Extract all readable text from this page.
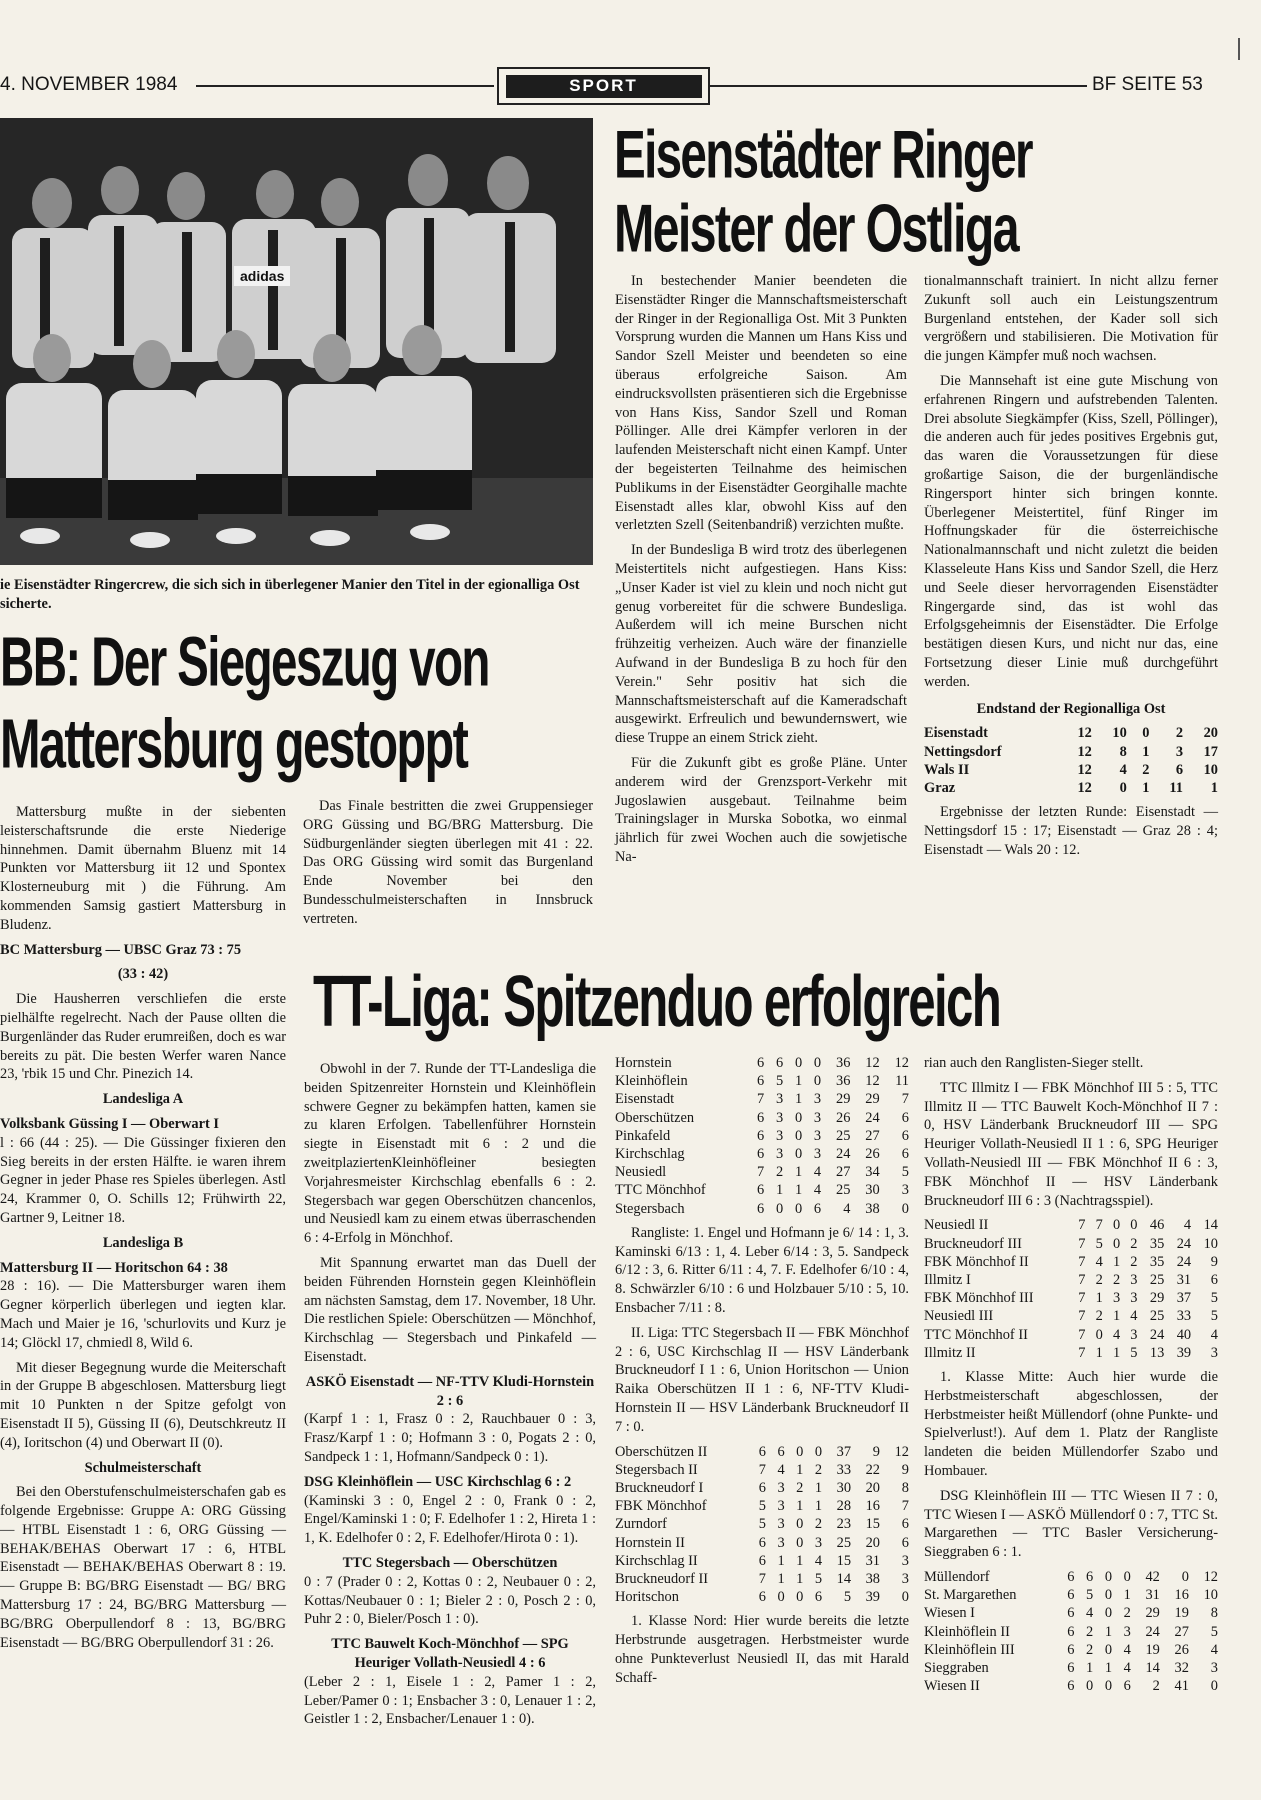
4. NOVEMBER 1984	SPORT	BF SEITE 53
adidas
ie Eisenstädter Ringercrew, die sich sich in überlegener Manier den Titel in der egionalliga Ost sicherte.
Eisenstädter Ringer
Meister der Ostliga

In bestechender Manier beendeten die Eisenstädter Ringer die Mannschaftsmeisterschaft der Ringer in der Regionalliga Ost. Mit 3 Punkten Vorsprung wurden die Mannen um Hans Kiss und Sandor Szell Meister und beendeten so eine überaus erfolgreiche Saison. Am eindrucksvollsten präsentieren sich die Ergebnisse von Hans Kiss, Sandor Szell und Roman Pöllinger. Alle drei Kämpfer verloren in der laufenden Meisterschaft nicht einen Kampf. Unter der begeisterten Teilnahme des heimischen Publikums in der Eisenstädter Georgihalle machte Eisenstadt alles klar, obwohl Kiss auf den verletzten Szell (Seitenbandriß) verzichten mußte.

In der Bundesliga B wird trotz des überlegenen Meistertitels nicht aufgestiegen. Hans Kiss: „Unser Kader ist viel zu klein und noch nicht gut genug vorbereitet für die schwere Bundesliga. Außerdem will ich meine Burschen nicht frühzeitig verheizen. Auch wäre der finanzielle Aufwand in der Bundesliga B zu hoch für den Verein." Sehr positiv hat sich die Mannschaftsmeisterschaft auf die Kameradschaft ausgewirkt. Erfreulich und bewundernswert, wie diese Truppe an einem Strick zieht.

Für die Zukunft gibt es große Pläne. Unter anderem wird der Grenzsport-Verkehr mit Jugoslawien ausgebaut. Teilnahme beim Trainingslager in Murska Sobotka, wo einmal jährlich für zwei Wochen auch die sowjetische Na-

tionalmannschaft trainiert. In nicht allzu ferner Zukunft soll auch ein Leistungszentrum Burgenland entstehen, der Kader soll sich vergrößern und stabilisieren. Die Motivation für die jungen Kämpfer muß noch wachsen.

Die Mannsehaft ist eine gute Mischung von erfahrenen Ringern und aufstrebenden Talenten. Drei absolute Siegkämpfer (Kiss, Szell, Pöllinger), die anderen auch für jedes positives Ergebnis gut, das waren die Voraussetzungen für diese großartige Saison, die der burgenländische Ringersport hinter sich bringen konnte. Überlegener Meistertitel, fünf Ringer im Hoffnungskader für die österreichische Nationalmannschaft und nicht zuletzt die beiden Klasseleute Hans Kiss und Sandor Szell, die Herz und Seele dieser hervorragenden Eisenstädter Ringergarde sind, das ist wohl das Erfolgsgeheimnis der Eisenstädter. Die Erfolge bestätigen diesen Kurs, und nicht nur das, eine Fortsetzung dieser Linie muß durchgeführt werden.

Endstand der Regionalliga Ost
Eisenstadt	12	10	0	2	20
Nettingsdorf	12	8	1	3	17
Wals II	12	4	2	6	10
Graz	12	0	1	11	1

Ergebnisse der letzten Runde: Eisenstadt — Nettingsdorf 15 : 17; Eisenstadt — Graz 28 : 4; Eisenstadt — Wals 20 : 12.

BB: Der Siegeszug von
Mattersburg gestoppt

Mattersburg mußte in der siebenten leisterschaftsrunde die erste Niederige hinnehmen. Damit übernahm Bluenz mit 14 Punkten vor Mattersburg iit 12 und Spontex Klosterneuburg mit ) die Führung. Am kommenden Samsig gastiert Mattersburg in Bludenz.

BC Mattersburg — UBSC Graz 73 : 75

(33 : 42)

Die Hausherren verschliefen die erste pielhälfte regelrecht. Nach der Pause ollten die Burgenländer das Ruder erumreißen, doch es war bereits zu pät. Die besten Werfer waren Nance 23, 'rbik 15 und Chr. Pinezich 14.

Landesliga A

Volksbank Güssing I — Oberwart I

l : 66 (44 : 25). — Die Güssinger fixieren den Sieg bereits in der ersten Hälfte. ie waren ihrem Gegner in jeder Phase res Spieles überlegen. Astl 24, Krammer 0, O. Schills 12; Frühwirth 22, Gartner 9, Leitner 18.

Landesliga B

Mattersburg II — Horitschon 64 : 38

28 : 16). — Die Mattersburger waren ihem Gegner körperlich überlegen und iegten klar. Mach und Maier je 16, 'schurlovits und Kurz je 14; Glöckl 17, chmiedl 8, Wild 6.

Mit dieser Begegnung wurde die Meiterschaft in der Gruppe B abgeschlosen. Mattersburg liegt mit 10 Punkten n der Spitze gefolgt von Eisenstadt II 5), Güssing II (6), Deutschkreutz II (4), Ioritschon (4) und Oberwart II (0).

Schulmeisterschaft

Bei den Oberstufenschulmeisterschafen gab es folgende Ergebnisse: Gruppe A: ORG Güssing — HTBL Eisenstadt 1 : 6, ORG Güssing — BEHAK/BEHAS Oberwart 17 : 6, HTBL Eisenstadt — BEHAK/BEHAS Oberwart 8 : 19. — Gruppe B: BG/BRG Eisenstadt — BG/ BRG Mattersburg 17 : 24, BG/BRG Mattersburg — BG/BRG Oberpullendorf 8 : 13, BG/BRG Eisenstadt — BG/BRG Oberpullendorf 31 : 26.

Das Finale bestritten die zwei Gruppensieger ORG Güssing und BG/BRG Mattersburg. Die Südburgenländer siegten überlegen mit 41 : 22. Das ORG Güssing wird somit das Burgenland Ende November bei den Bundesschulmeisterschaften in Innsbruck vertreten.

TT-Liga: Spitzenduo erfolgreich

Obwohl in der 7. Runde der TT-Landesliga die beiden Spitzenreiter Hornstein und Kleinhöflein schwere Gegner zu bekämpfen hatten, kamen sie zu klaren Erfolgen. Tabellenführer Hornstein siegte in Eisenstadt mit 6 : 2 und die zweitplaziertenKleinhöfleiner besiegten Vorjahresmeister Kirchschlag ebenfalls 6 : 2. Stegersbach war gegen Oberschützen chancenlos, und Neusiedl kam zu einem etwas überraschenden 6 : 4-Erfolg in Mönchhof.

Mit Spannung erwartet man das Duell der beiden Führenden Hornstein gegen Kleinhöflein am nächsten Samstag, dem 17. November, 18 Uhr. Die restlichen Spiele: Oberschützen — Mönchhof, Kirchschlag — Stegersbach und Pinkafeld — Eisenstadt.

ASKÖ Eisenstadt — NF-TTV Kludi-Hornstein 2 : 6

(Karpf 1 : 1, Frasz 0 : 2, Rauchbauer 0 : 3, Frasz/Karpf 1 : 0; Hofmann 3 : 0, Pogats 2 : 0, Sandpeck 1 : 1, Hofmann/Sandpeck 0 : 1).

DSG Kleinhöflein — USC Kirchschlag 6 : 2

(Kaminski 3 : 0, Engel 2 : 0, Frank 0 : 2, Engel/Kaminski 1 : 0; F. Edelhofer 1 : 2, Hireta 1 : 1, K. Edelhofer 0 : 2, F. Edelhofer/Hirota 0 : 1).

TTC Stegersbach — Oberschützen

0 : 7 (Prader 0 : 2, Kottas 0 : 2, Neubauer 0 : 2, Kottas/Neubauer 0 : 1; Bieler 2 : 0, Posch 2 : 0, Puhr 2 : 0, Bieler/Posch 1 : 0).

TTC Bauwelt Koch-Mönchhof — SPG Heuriger Vollath-Neusiedl 4 : 6

(Leber 2 : 1, Eisele 1 : 2, Pamer 1 : 2, Leber/Pamer 0 : 1; Ensbacher 3 : 0, Lenauer 1 : 2, Geistler 1 : 2, Ensbacher/Lenauer 1 : 0).

Hornstein	6	6	0	0	36	12	12
Kleinhöflein	6	5	1	0	36	12	11
Eisenstadt	7	3	1	3	29	29	7
Oberschützen	6	3	0	3	26	24	6
Pinkafeld	6	3	0	3	25	27	6
Kirchschlag	6	3	0	3	24	26	6
Neusiedl	7	2	1	4	27	34	5
TTC Mönchhof	6	1	1	4	25	30	3
Stegersbach	6	0	0	6	4	38	0

Rangliste: 1. Engel und Hofmann je 6/ 14 : 1, 3. Kaminski 6/13 : 1, 4. Leber 6/14 : 3, 5. Sandpeck 6/12 : 3, 6. Ritter 6/11 : 4, 7. F. Edelhofer 6/10 : 4, 8. Schwärzler 6/10 : 6 und Holzbauer 5/10 : 5, 10. Ensbacher 7/11 : 8.

II. Liga: TTC Stegersbach II — FBK Mönchhof 2 : 6, USC Kirchschlag II — HSV Länderbank Bruckneudorf I 1 : 6, Union Horitschon — Union Raika Oberschützen II 1 : 6, NF-TTV Kludi-Hornstein II — HSV Länderbank Bruckneudorf II 7 : 0.

Oberschützen II	6	6	0	0	37	9	12
Stegersbach II	7	4	1	2	33	22	9
Bruckneudorf I	6	3	2	1	30	20	8
FBK Mönchhof	5	3	1	1	28	16	7
Zurndorf	5	3	0	2	23	15	6
Hornstein II	6	3	0	3	25	20	6
Kirchschlag II	6	1	1	4	15	31	3
Bruckneudorf II	7	1	1	5	14	38	3
Horitschon	6	0	0	6	5	39	0

1. Klasse Nord: Hier wurde bereits die letzte Herbstrunde ausgetragen. Herbstmeister wurde ohne Punkteverlust Neusiedl II, das mit Harald Schaff-

rian auch den Ranglisten-Sieger stellt.

TTC Illmitz I — FBK Mönchhof III 5 : 5, TTC Illmitz II — TTC Bauwelt Koch-Mönchhof II 7 : 0, HSV Länderbank Bruckneudorf III — SPG Heuriger Vollath-Neusiedl II 1 : 6, SPG Heuriger Vollath-Neusiedl III — FBK Mönchhof II 6 : 3, FBK Mönchhof II — HSV Länderbank Bruckneudorf III 6 : 3 (Nachtragsspiel).

Neusiedl II	7	7	0	0	46	4	14
Bruckneudorf III	7	5	0	2	35	24	10
FBK Mönchhof II	7	4	1	2	35	24	9
Illmitz I	7	2	2	3	25	31	6
FBK Mönchhof III	7	1	3	3	29	37	5
Neusiedl III	7	2	1	4	25	33	5
TTC Mönchhof II	7	0	4	3	24	40	4
Illmitz II	7	1	1	5	13	39	3

1. Klasse Mitte: Auch hier wurde die Herbstmeisterschaft abgeschlossen, der Herbstmeister heißt Müllendorf (ohne Punkte- und Spielverlust!). Auf dem 1. Platz der Rangliste landeten die beiden Müllendorfer Szabo und Hombauer.

DSG Kleinhöflein III — TTC Wiesen II 7 : 0, TTC Wiesen I — ASKÖ Müllendorf 0 : 7, TTC St. Margarethen — TTC Basler Versicherung-Sieggraben 6 : 1.

Müllendorf	6	6	0	0	42	0	12
St. Margarethen	6	5	0	1	31	16	10
Wiesen I	6	4	0	2	29	19	8
Kleinhöflein II	6	2	1	3	24	27	5
Kleinhöflein III	6	2	0	4	19	26	4
Sieggraben	6	1	1	4	14	32	3
Wiesen II	6	0	0	6	2	41	0
